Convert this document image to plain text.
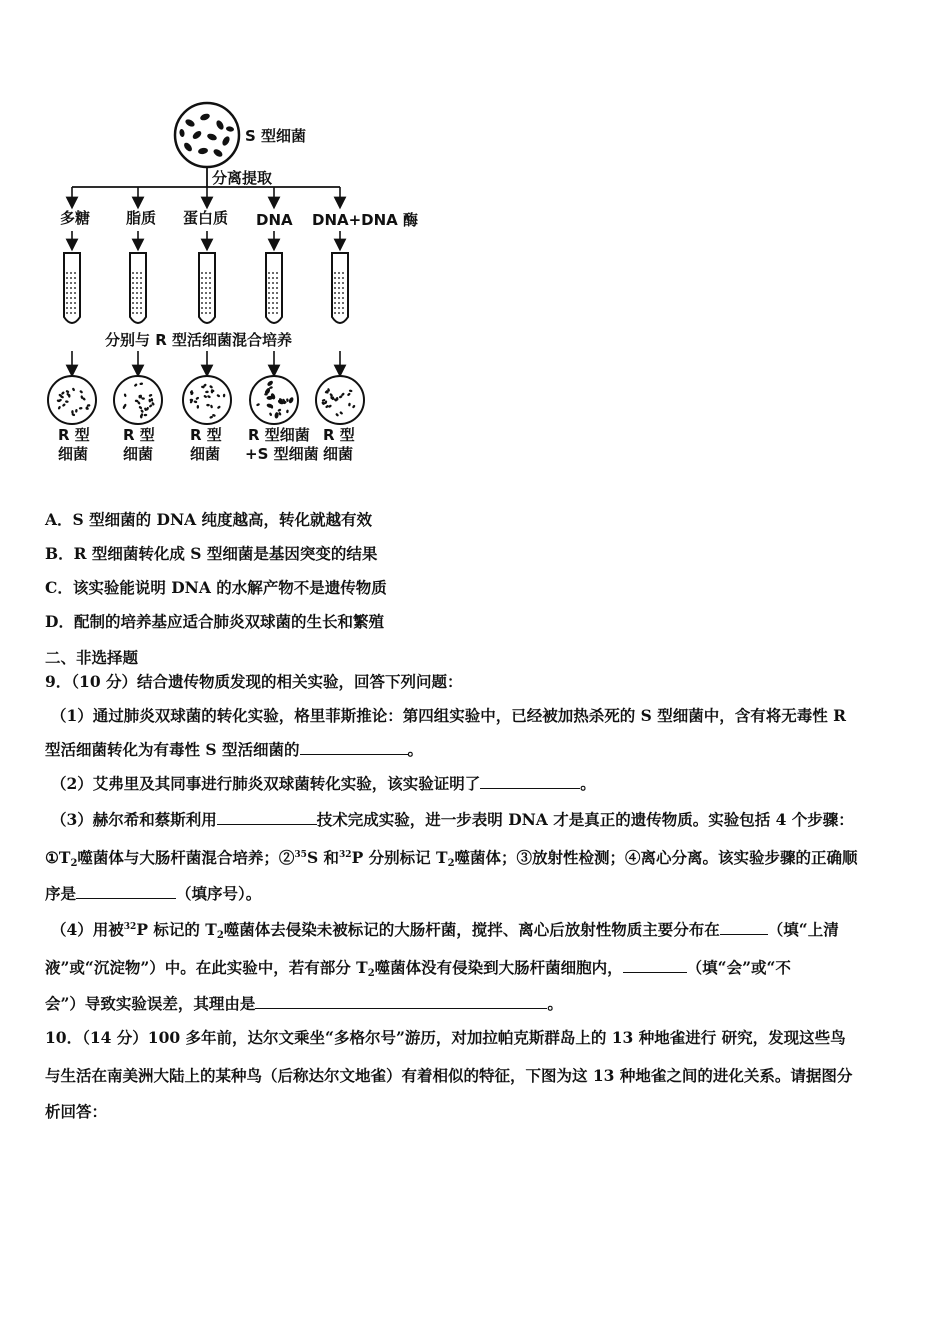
S 型细菌
分离提取
分别与 R 型活细菌混合培养
多糖 脂质 蛋白质 DNA DNA+DNA 酶
R 型
细菌
R 型
细菌
R 型
细菌
R 型细菌
+S 型细菌
R 型
细菌
A．S 型细菌的 DNA 纯度越高，转化就越有效
B．R 型细菌转化成 S 型细菌是基因突变的结果
C．该实验能说明 DNA 的水解产物不是遗传物质
D．配制的培养基应适合肺炎双球菌的生长和繁殖
二、非选择题
9．（10 分）结合遗传物质发现的相关实验，回答下列问题：
（1）通过肺炎双球菌的转化实验，格里菲斯推论：第四组实验中，已经被加热杀死的 S 型细菌中，含有将无毒性 R
型活细菌转化为有毒性 S 型活细菌的	。
（2）艾弗里及其同事进行肺炎双球菌转化实验，该实验证明了	。
（3）赫尔希和蔡斯利用	技术完成实验，进一步表明 DNA 才是真正的遗传物质。实验包括 4 个步骤：
$①T_2$噬菌体与大肠杆菌混合培养；②$^{35}$S 和$^{32}$P 分别标记 $T_2$噬菌体；③放射性检测；④离心分离。该实验步骤的正确顺
序是	（填序号）。
（4）用被$^{32}$P 标记的 $T_2$噬菌体去侵染未被标记的大肠杆菌，搅拌、离心后放射性物质主要分布在	（填“上清
液”或“沉淀物”）中。在此实验中，若有部分 $T_2$噬菌体没有侵染到大肠杆菌细胞内，	（填“会”或“不
会”）导致实验误差，其理由是	。
10．（14 分）100 多年前，达尔文乘坐“多格尔号”游历，对加拉帕克斯群岛上的 13 种地雀进行 研究，发现这些鸟
与生活在南美洲大陆上的某种鸟（后称达尔文地雀）有着相似的特征，下图为这 13 种地雀之间的进化关系。请据图分
析回答：
